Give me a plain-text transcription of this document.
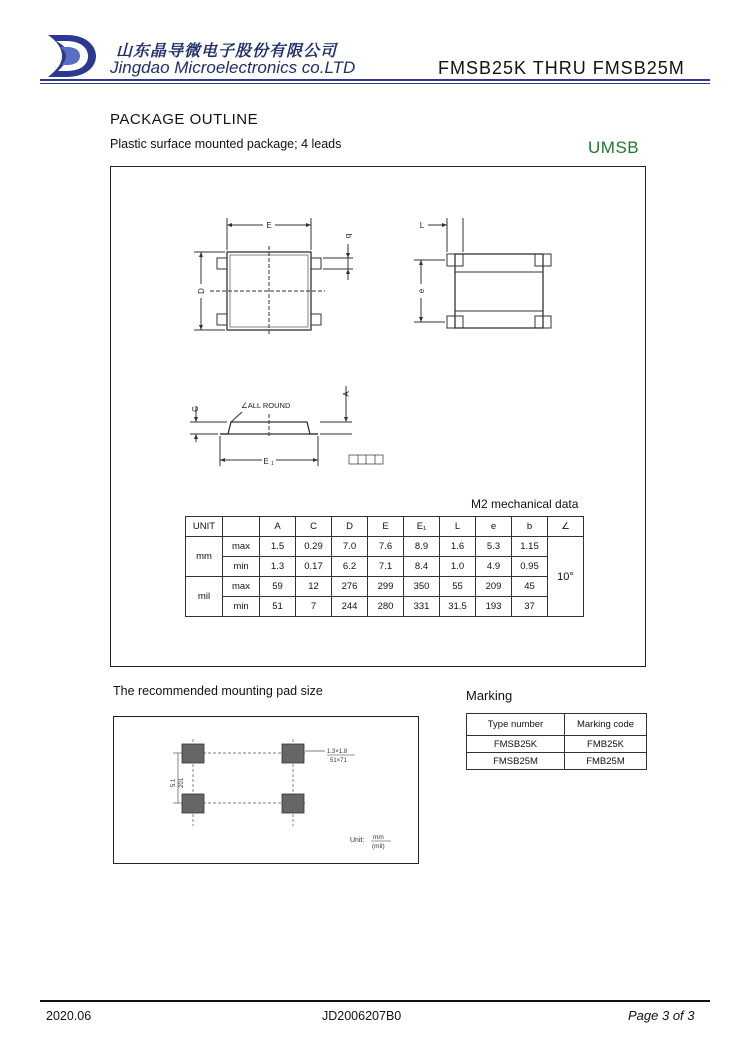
山东晶导微电子股份有限公司
Jingdao Microelectronics co.LTD	FMSB25K THRU FMSB25M
PACKAGE OUTLINE
Plastic surface mounted package; 4 leads	UMSB
E
b
D
L
e
C
A
E 1
∠ALL ROUND
M2 mechanical data
UNIT		A	C	D	E	E₁	L	e	b	∠
mm	max	1.5	0.29	7.0	7.6	8.9	1.6	5.3	1.15	10°
	min	1.3	0.17	6.2	7.1	8.4	1.0	4.9	0.95	
mil	max	59	12	276	299	350	55	209	45	
	min	51	7	244	280	331	31.5	193	37	
The recommended mounting pad size
1.3×1.8
51×71
5.1 201
Unit: mm
(mil)
Marking
Type number	Marking code
FMSB25K	FMB25K
FMSB25M	FMB25M
2020.06	JD2006207B0	Page 3 of 3
